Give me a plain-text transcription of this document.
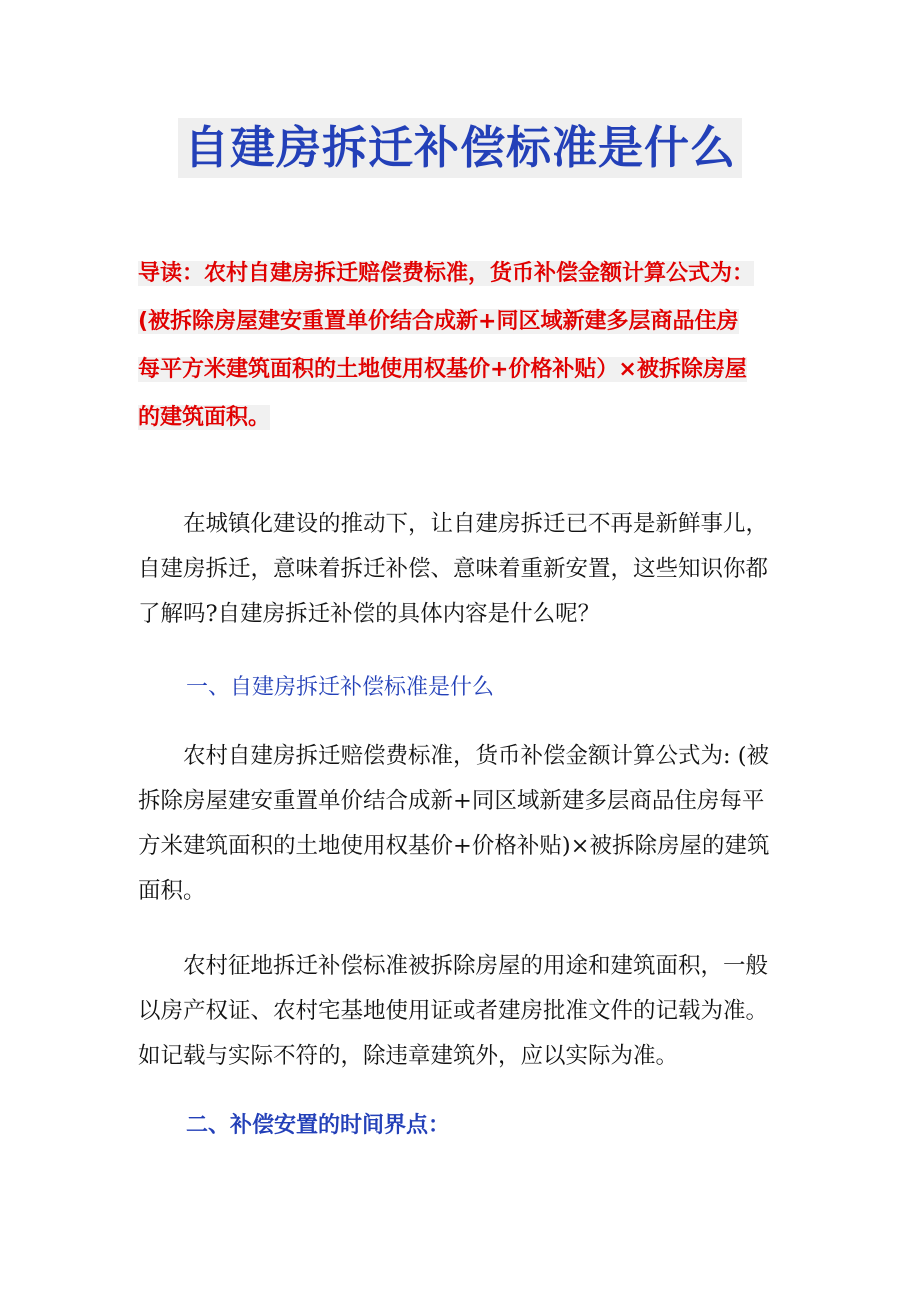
自建房拆迁补偿标准是什么
导读：农村自建房拆迁赔偿费标准，货币补偿金额计算公式为：
(被拆除房屋建安重置单价结合成新+同区域新建多层商品住房
每平方米建筑面积的土地使用权基价+价格补贴）×被拆除房屋
的建筑面积。
　　在城镇化建设的推动下，让自建房拆迁已不再是新鲜事儿，
自建房拆迁，意味着拆迁补偿、意味着重新安置，这些知识你都
了解吗?自建房拆迁补偿的具体内容是什么呢？
一、自建房拆迁补偿标准是什么
　　农村自建房拆迁赔偿费标准，货币补偿金额计算公式为: (被
拆除房屋建安重置单价结合成新+同区域新建多层商品住房每平
方米建筑面积的土地使用权基价+价格补贴)×被拆除房屋的建筑
面积。
　　农村征地拆迁补偿标准被拆除房屋的用途和建筑面积，一般
以房产权证、农村宅基地使用证或者建房批准文件的记载为准。
如记载与实际不符的，除违章建筑外，应以实际为准。
二、补偿安置的时间界点：
